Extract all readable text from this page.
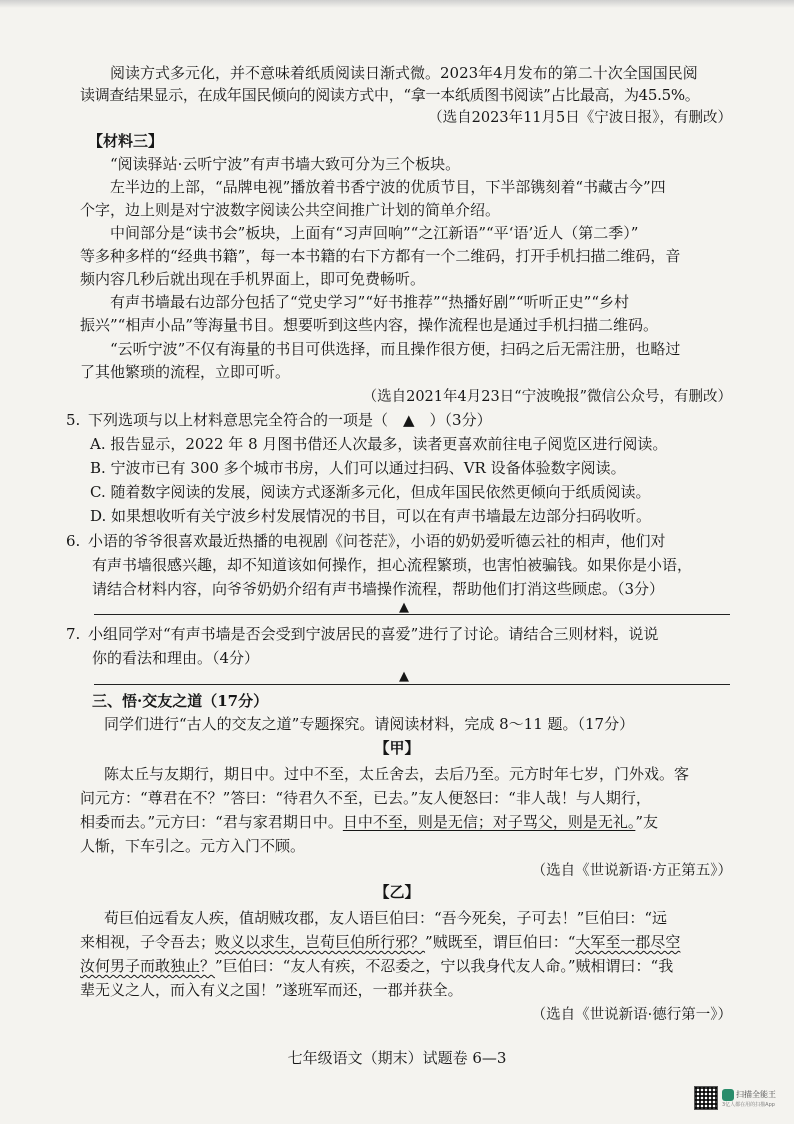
阅读方式多元化，并不意味着纸质阅读日渐式微。2023年4月发布的第二十次全国国民阅
读调查结果显示，在成年国民倾向的阅读方式中，“拿一本纸质图书阅读”占比最高，为45.5%。
（选自2023年11月5日《宁波日报》，有删改）
【材料三】
“阅读驿站·云听宁波”有声书墙大致可分为三个板块。
左半边的上部，“品牌电视”播放着书香宁波的优质节目，下半部镌刻着“书藏古今”四
个字，边上则是对宁波数字阅读公共空间推广计划的简单介绍。
中间部分是“读书会”板块，上面有“习声回响”“之江新语”“平‘语’近人（第二季）”
等多种多样的“经典书籍”，每一本书籍的右下方都有一个二维码，打开手机扫描二维码，音
频内容几秒后就出现在手机界面上，即可免费畅听。
有声书墙最右边部分包括了“党史学习”“好书推荐”“热播好剧”“听听正史”“乡村
振兴”“相声小品”等海量书目。想要听到这些内容，操作流程也是通过手机扫描二维码。
“云听宁波”不仅有海量的书目可供选择，而且操作很方便，扫码之后无需注册，也略过
了其他繁琐的流程，立即可听。
（选自2021年4月23日“宁波晚报”微信公众号，有删改）
5. 下列选项与以上材料意思完全符合的一项是（　▲　）（3分）
A. 报告显示，2022 年 8 月图书借还人次最多，读者更喜欢前往电子阅览区进行阅读。
B. 宁波市已有 300 多个城市书房，人们可以通过扫码、VR 设备体验数字阅读。
C. 随着数字阅读的发展，阅读方式逐渐多元化，但成年国民依然更倾向于纸质阅读。
D. 如果想收听有关宁波乡村发展情况的书目，可以在有声书墙最左边部分扫码收听。
6. 小语的爷爷很喜欢最近热播的电视剧《问苍茫》，小语的奶奶爱听德云社的相声，他们对
有声书墙很感兴趣，却不知道该如何操作，担心流程繁琐，也害怕被骗钱。如果你是小语，
请结合材料内容，向爷爷奶奶介绍有声书墙操作流程，帮助他们打消这些顾虑。（3分）
▲
7. 小组同学对“有声书墙是否会受到宁波居民的喜爱”进行了讨论。请结合三则材料，说说
你的看法和理由。（4分）
▲
三、悟·交友之道（17分）
同学们进行“古人的交友之道”专题探究。请阅读材料，完成 8～11 题。（17分）
【甲】
陈太丘与友期行，期日中。过中不至，太丘舍去，去后乃至。元方时年七岁，门外戏。客
问元方：“尊君在不？”答曰：“待君久不至，已去。”友人便怒曰：“非人哉！与人期行，
相委而去。”元方曰：“君与家君期日中。日中不至，则是无信；对子骂父，则是无礼。”友
人惭，下车引之。元方入门不顾。
（选自《世说新语·方正第五》）
【乙】
荀巨伯远看友人疾，值胡贼攻郡，友人语巨伯曰：“吾今死矣，子可去！”巨伯曰：“远
来相视，子令吾去；败义以求生，岂荀巨伯所行邪？”贼既至，谓巨伯曰：“大军至一郡尽空
汝何男子而敢独止？”巨伯曰：“友人有疾，不忍委之，宁以我身代友人命。”贼相谓曰：“我
辈无义之人，而入有义之国！”遂班军而还，一郡并获全。
（选自《世说新语·德行第一》）
七年级语文（期末）试题卷 6—3
扫描全能王
3亿人都在用的扫描App
